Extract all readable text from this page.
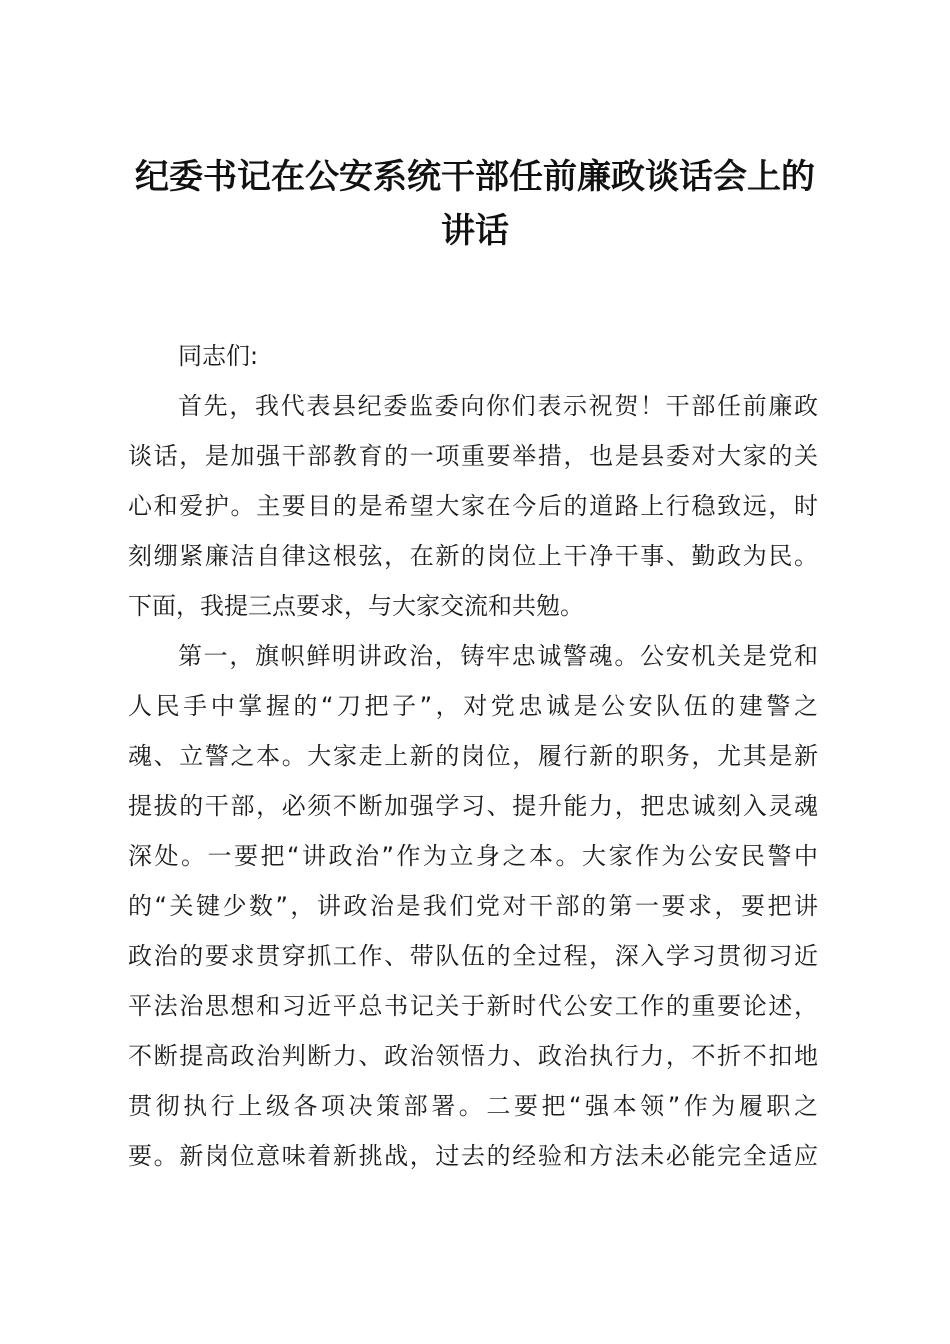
纪委书记在公安系统干部任前廉政谈话会上的
讲话
同志们:
首先，我代表县纪委监委向你们表示祝贺！干部任前廉政
谈话，是加强干部教育的一项重要举措，也是县委对大家的关
心和爱护。主要目的是希望大家在今后的道路上行稳致远，时
刻绷紧廉洁自律这根弦，在新的岗位上干净干事、勤政为民。
下面，我提三点要求，与大家交流和共勉。
第一，旗帜鲜明讲政治，铸牢忠诚警魂。公安机关是党和
人民手中掌握的“刀把子”，对党忠诚是公安队伍的建警之
魂、立警之本。大家走上新的岗位，履行新的职务，尤其是新
提拔的干部，必须不断加强学习、提升能力，把忠诚刻入灵魂
深处。一要把“讲政治”作为立身之本。大家作为公安民警中
的“关键少数”，讲政治是我们党对干部的第一要求，要把讲
政治的要求贯穿抓工作、带队伍的全过程，深入学习贯彻习近
平法治思想和习近平总书记关于新时代公安工作的重要论述，
不断提高政治判断力、政治领悟力、政治执行力，不折不扣地
贯彻执行上级各项决策部署。二要把“强本领”作为履职之
要。新岗位意味着新挑战，过去的经验和方法未必能完全适应
